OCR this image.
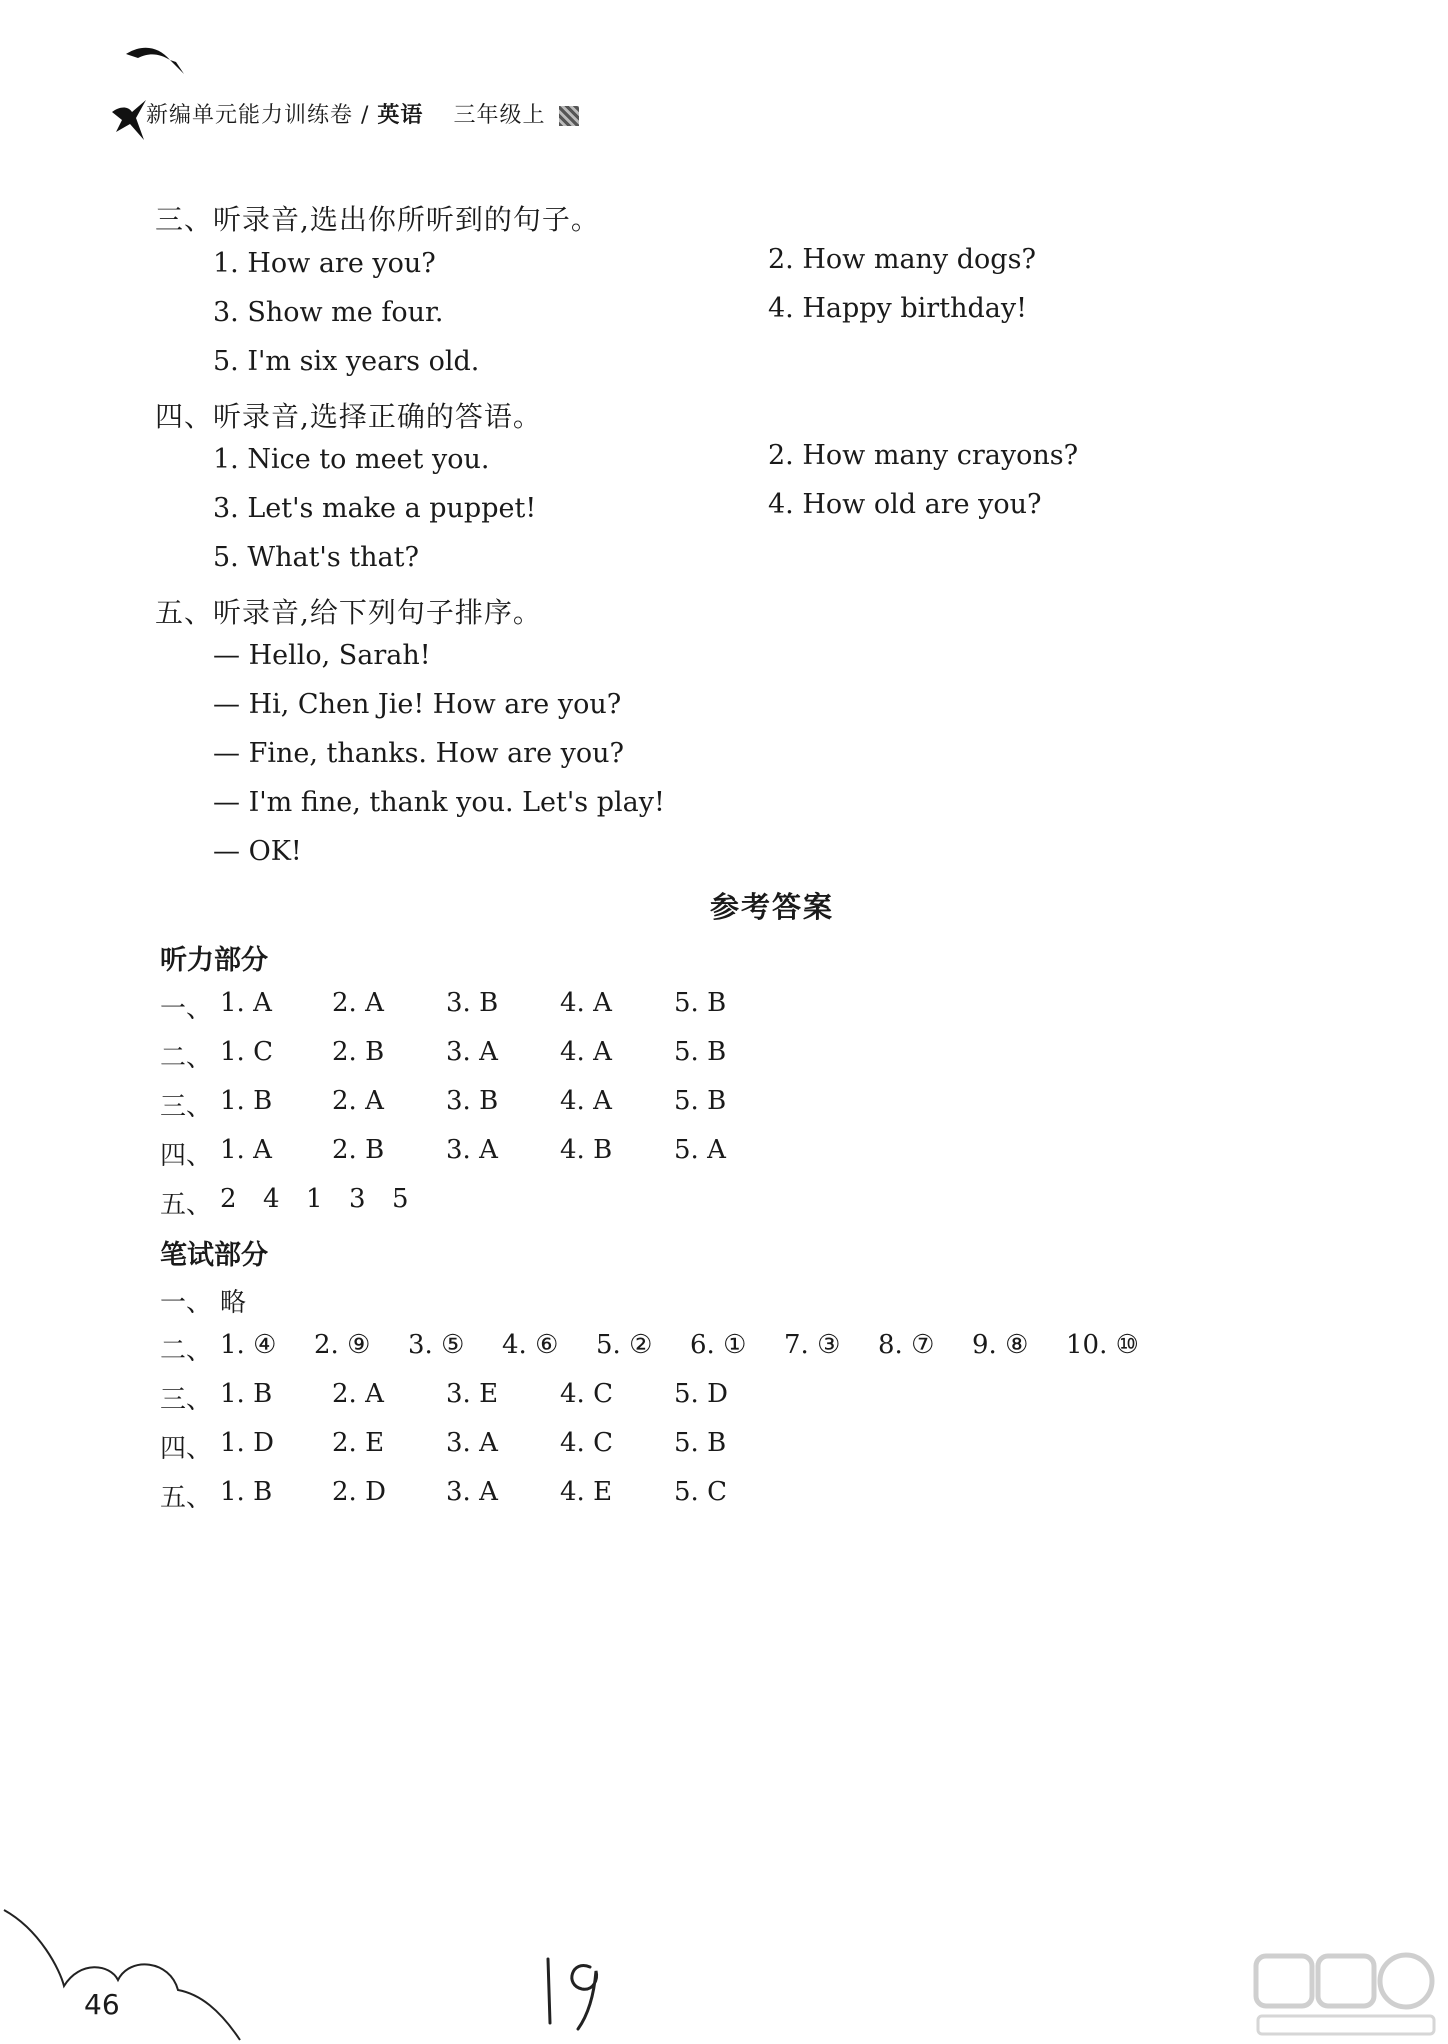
新编单元能力训练卷 / 英语 三年级上
三、听录音,选出你所听到的句子。
1. How are you?	2. How many dogs?
3. Show me four.	4. Happy birthday!
5. I'm six years old.
四、听录音,选择正确的答语。
1. Nice to meet you.	2. How many crayons?
3. Let's make a puppet!	4. How old are you?
5. What's that?
五、听录音,给下列句子排序。
— Hello, Sarah!
— Hi, Chen Jie! How are you?
— Fine, thanks. How are you?
— I'm fine, thank you. Let's play!
— OK!
参考答案
听力部分
一、 1. A 2. A 3. B 4. A 5. B
二、 1. C 2. B 3. A 4. A 5. B
三、 1. B 2. A 3. B 4. A 5. B
四、 1. A 2. B 3. A 4. B 5. A
五、 2 4 1 3 5
笔试部分
一、 略
二、 1. ④ 2. ⑨ 3. ⑤ 4. ⑥ 5. ② 6. ① 7. ③ 8. ⑦ 9. ⑧ 10. ⑩
三、 1. B 2. A 3. E 4. C 5. D
四、 1. D 2. E 3. A 4. C 5. B
五、 1. B 2. D 3. A 4. E 5. C
46
